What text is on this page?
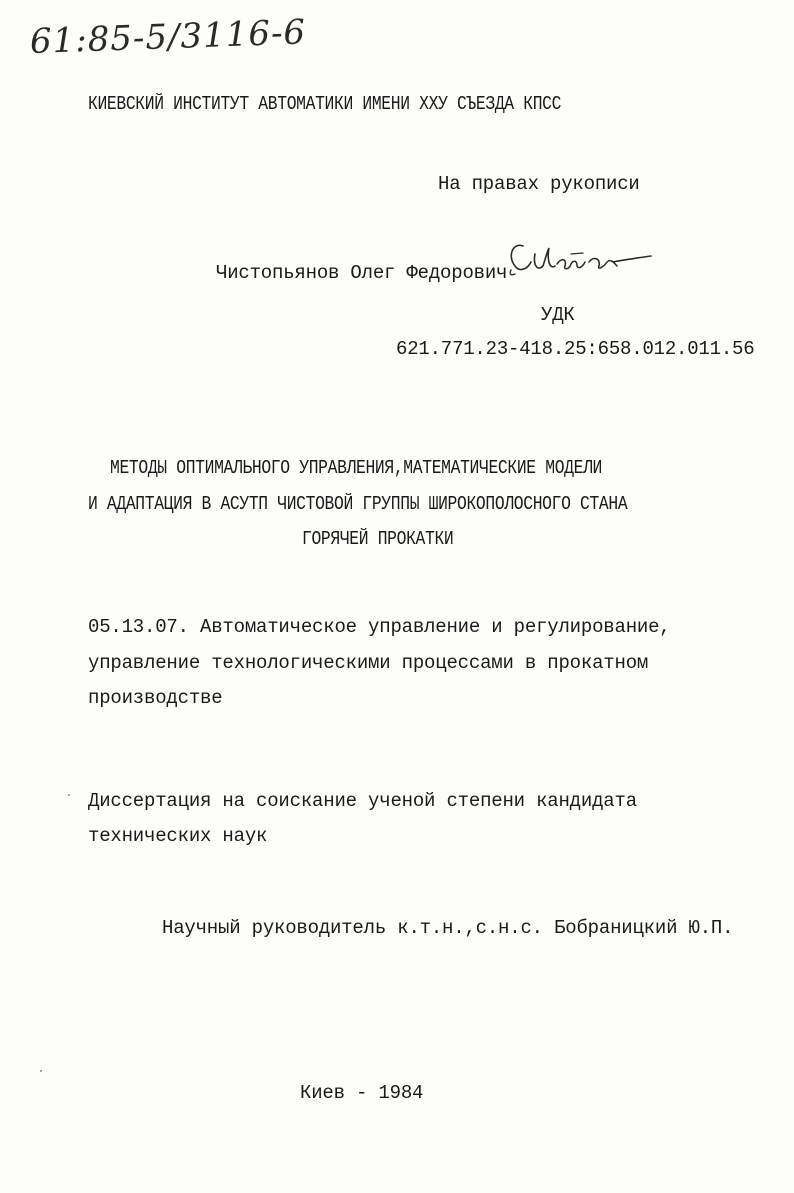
61:85-5/3116-6
КИЕВСКИЙ ИНСТИТУТ АВТОМАТИКИ ИМЕНИ XXУ СЪЕЗДА КПСС
На правах рукописи
Чистопьянов Олег Федорович
УДК
621.771.23-418.25:658.012.011.56
МЕТОДЫ ОПТИМАЛЬНОГО УПРАВЛЕНИЯ,МАТЕМАТИЧЕСКИЕ МОДЕЛИ
И АДАПТАЦИЯ В АСУТП ЧИСТОВОЙ ГРУППЫ ШИРОКОПОЛОСНОГО СТАНА
ГОРЯЧЕЙ ПРОКАТКИ
05.13.07. Автоматическое управление и регулирование,
управление технологическими процессами в прокатном
производстве
Диссертация на соискание ученой степени кандидата
технических наук
Научный руководитель к.т.н.,с.н.с. Бобраницкий Ю.П.
Киев - 1984
